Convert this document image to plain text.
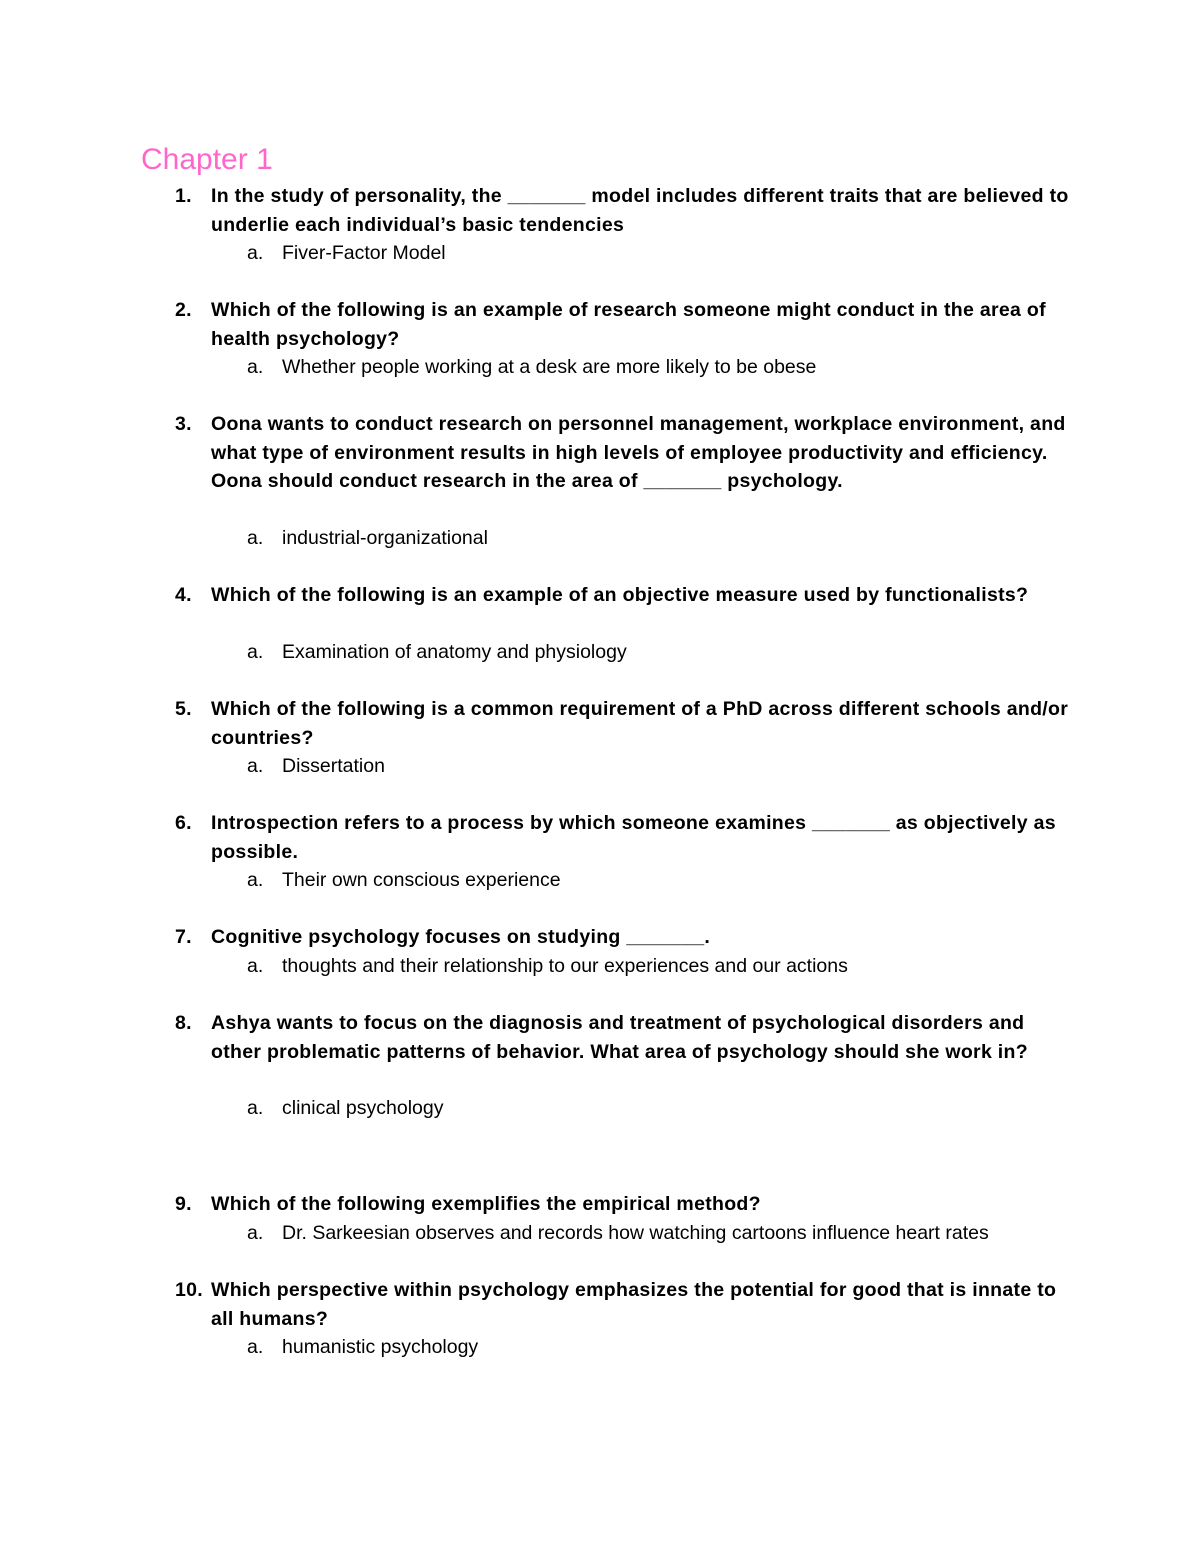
Chapter 1
1. In the study of personality, the _______ model includes different traits that are believed to underlie each individual’s basic tendencies

a. Fiver-Factor Model

2. Which of the following is an example of research someone might conduct in the area of health psychology?

a. Whether people working at a desk are more likely to be obese

3. Oona wants to conduct research on personnel management, workplace environment, and what type of environment results in high levels of employee productivity and efficiency. Oona should conduct research in the area of _______ psychology.

a. industrial-organizational

4. Which of the following is an example of an objective measure used by functionalists?

a. Examination of anatomy and physiology

5. Which of the following is a common requirement of a PhD across different schools and/or countries?

a. Dissertation

6. Introspection refers to a process by which someone examines _______ as objectively as possible.

a. Their own conscious experience

7. Cognitive psychology focuses on studying _______.

a. thoughts and their relationship to our experiences and our actions

8. Ashya wants to focus on the diagnosis and treatment of psychological disorders and other problematic patterns of behavior. What area of psychology should she work in?

a. clinical psychology

9. Which of the following exemplifies the empirical method?

a. Dr. Sarkeesian observes and records how watching cartoons influence heart rates

10. Which perspective within psychology emphasizes the potential for good that is innate to all humans?

a. humanistic psychology
